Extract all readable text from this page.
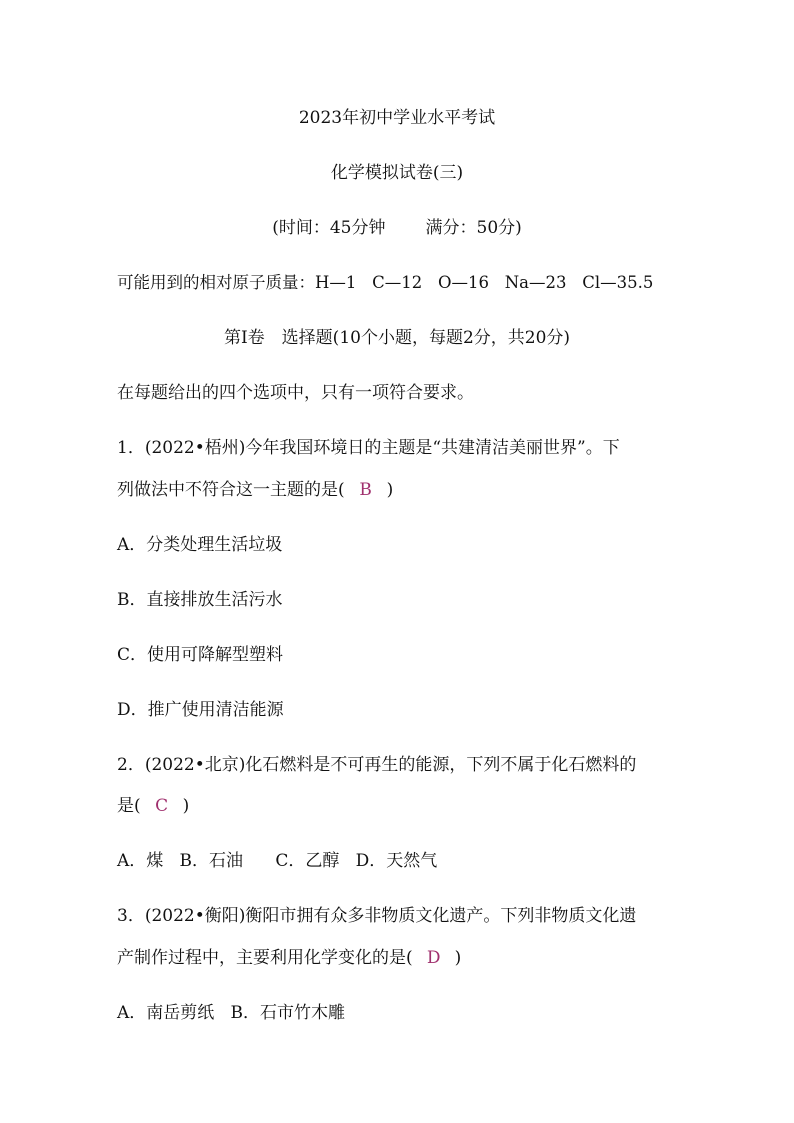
2023年初中学业水平考试
化学模拟试卷(三)
(时间：45分钟 满分：50分)
可能用到的相对原子质量：H—1   C—12   O—16   Na—23   Cl—35.5
第Ⅰ卷　选择题(10个小题，每题2分，共20分)
在每题给出的四个选项中，只有一项符合要求。
1．(2022•梧州)今年我国环境日的主题是“共建清洁美丽世界”。下
列做法中不符合这一主题的是( B )
A．分类处理生活垃圾
B．直接排放生活污水
C．使用可降解型塑料
D．推广使用清洁能源
2．(2022•北京)化石燃料是不可再生的能源，下列不属于化石燃料的
是( C )
A．煤   B．石油      C．乙醇   D．天然气
3．(2022•衡阳)衡阳市拥有众多非物质文化遗产。下列非物质文化遗
产制作过程中，主要利用化学变化的是( D )
A．南岳剪纸   B．石市竹木雕
